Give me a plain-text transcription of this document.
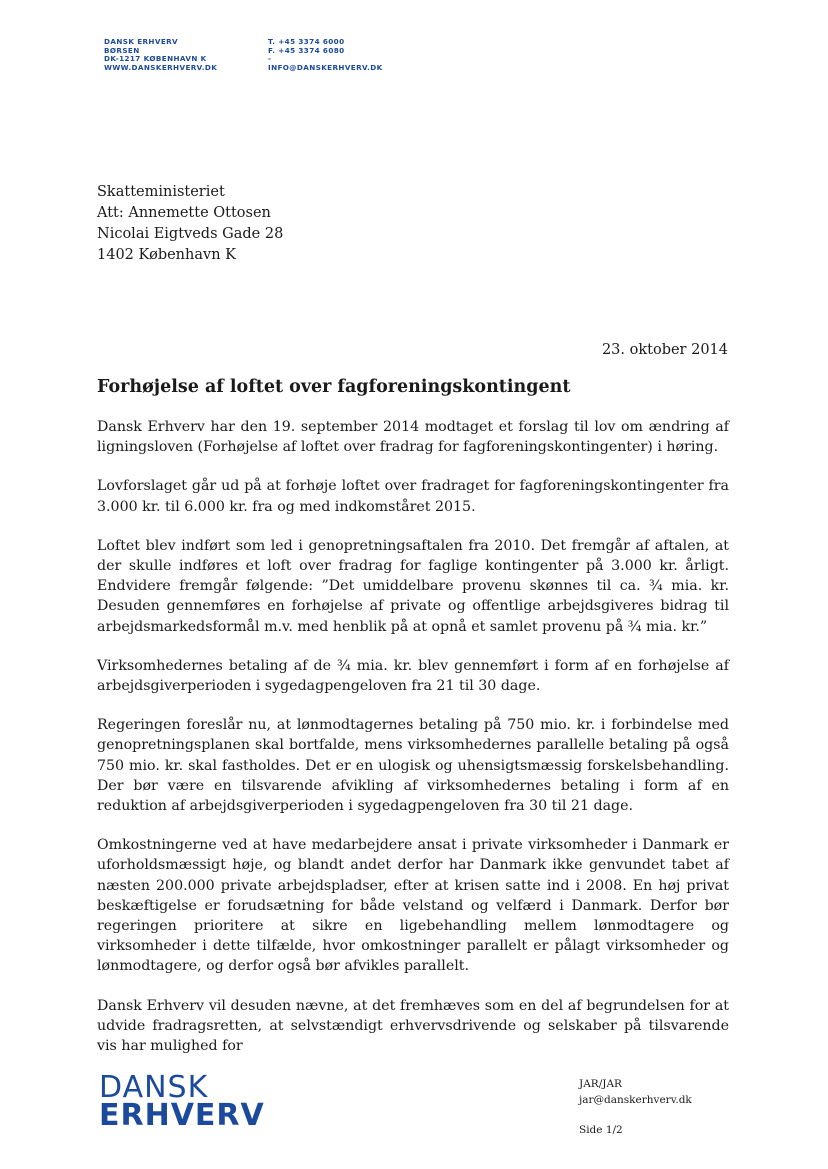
DANSK ERHVERV
BØRSEN
DK-1217 KØBENHAVN K
WWW.DANSKERHVERV.DK
T. +45 3374 6000
F. +45 3374 6080
-
INFO@DANSKERHVERV.DK
Skatteministeriet
Att: Annemette Ottosen
Nicolai Eigtveds Gade 28
1402 København K
23. oktober 2014
Forhøjelse af loftet over fagforeningskontingent

Dansk Erhverv har den 19. september 2014 modtaget et forslag til lov om ændring af ligningsloven (Forhøjelse af loftet over fradrag for fagforeningskontingenter) i høring.

Lovforslaget går ud på at forhøje loftet over fradraget for fagforeningskontingenter fra 3.000 kr. til 6.000 kr. fra og med indkomståret 2015.

Loftet blev indført som led i genopretningsaftalen fra 2010. Det fremgår af aftalen, at der skulle indføres et loft over fradrag for faglige kontingenter på 3.000 kr. årligt. Endvidere fremgår følgende: ”Det umiddelbare provenu skønnes til ca. ¾ mia. kr. Desuden gennemføres en forhøjelse af private og offentlige arbejdsgiveres bidrag til arbejdsmarkedsformål m.v. med henblik på at opnå et samlet provenu på ¾ mia. kr.”

Virksomhedernes betaling af de ¾ mia. kr. blev gennemført i form af en forhøjelse af arbejdsgiverperioden i sygedagpengeloven fra 21 til 30 dage.

Regeringen foreslår nu, at lønmodtagernes betaling på 750 mio. kr. i forbindelse med genopretningsplanen skal bortfalde, mens virksomhedernes parallelle betaling på også 750 mio. kr. skal fastholdes. Det er en ulogisk og uhensigtsmæssig forskelsbehandling. Der bør være en tilsvarende afvikling af virksomhedernes betaling i form af en reduktion af arbejdsgiverperioden i sygedagpengeloven fra 30 til 21 dage.

Omkostningerne ved at have medarbejdere ansat i private virksomheder i Danmark er uforholdsmæssigt høje, og blandt andet derfor har Danmark ikke genvundet tabet af næsten 200.000 private arbejdspladser, efter at krisen satte ind i 2008. En høj privat beskæftigelse er forudsætning for både velstand og velfærd i Danmark. Derfor bør regeringen prioritere at sikre en ligebehandling mellem lønmodtagere og virksomheder i dette tilfælde, hvor omkostninger parallelt er pålagt virksomheder og lønmodtagere, og derfor også bør afvikles parallelt.

Dansk Erhverv vil desuden nævne, at det fremhæves som en del af begrundelsen for at udvide fradragsretten, at selvstændigt erhvervsdrivende og selskaber på tilsvarende vis har mulighed for

DANSK
ERHVERV
JAR/JAR
jar@danskerhverv.dk
Side 1/2
